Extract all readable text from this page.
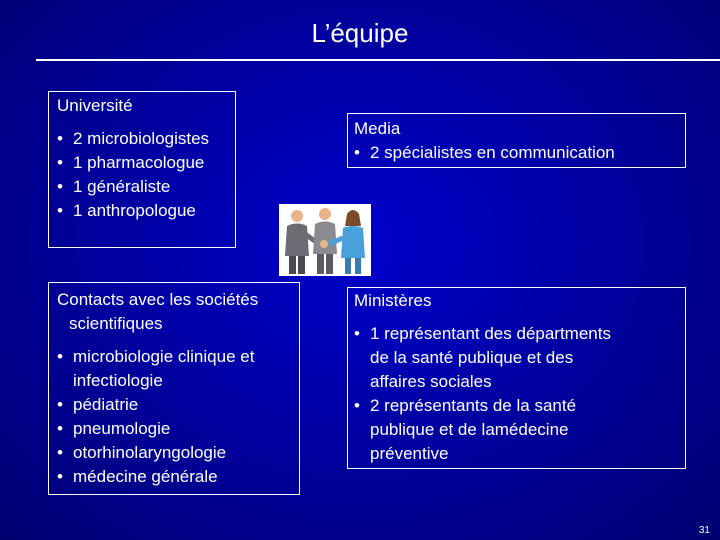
L’équipe
Université
• 2 microbiologistes
• 1 pharmacologue
• 1 généraliste
• 1 anthropologue
Media
• 2 spécialistes en communication
Contacts avec les sociétés
scientifiques
• microbiologie clinique et
infectiologie
• pédiatrie
• pneumologie
• otorhinolaryngologie
• médecine générale
Ministères
• 1 représentant des départments
de la santé publique et des
affaires sociales
• 2 représentants de la santé
publique et de lamédecine
préventive
31
